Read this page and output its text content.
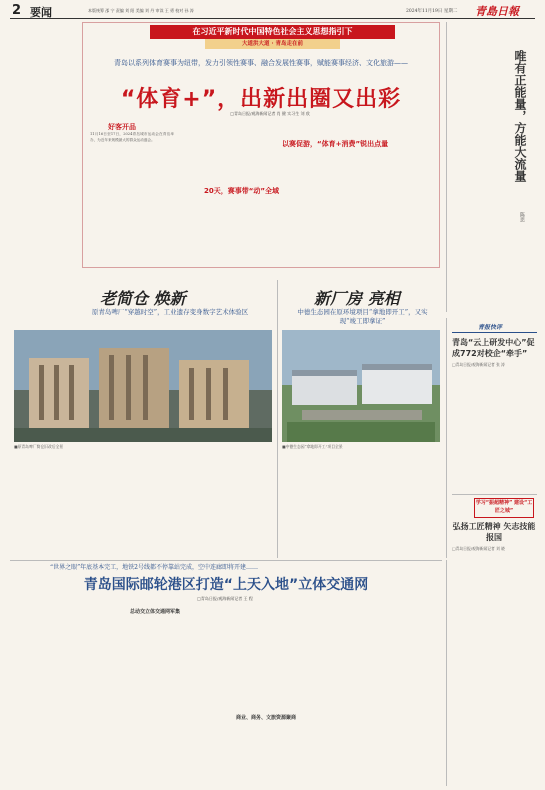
2 要闻	本版统筹 邵 宁 责编 刘 阳 美编 刘 丹 审读 王 勇 校对 孙 涛	2024年11月19日 星期二 青島日報
在习近平新时代中国特色社会主义思想指引下
大道洪大道 · 青岛走在前
青岛以系列体育赛事为纽带，发力引领性赛事、融合发展性赛事，赋能赛事经济、文化旅游——
“体育+”，出新出圈又出彩
□青岛日报/观海新闻记者 肖 健 实习生 刘 欣
好客开品
20天，赛事带“动”全域
以赛促游，“体育+消费”锐出点量
11月16日至17日，2024青岛城市运动会在青岛举办，为近年来规模最大的群众运动盛会。	唯有正能量，方能大流量
陈思
老简仓 焕新
原青岛啤厂“穿越时空”，工业遗存变身数字艺术体验区
■原青岛啤厂简仓旧改后全景
新厂房 亮相
中德生态园在原环境项目“拿地即开工”，又实现“竣工即拿证”
■中德生态园“拿地即开工”项目全景
青报快评
青岛“云上研发中心”促成772对校企“牵手”
□青岛日报/观海新闻记者 张 涛
学习“振超精神” 建设“工匠之城”
弘扬工匠精神 矢志技能报国
□青岛日报/观海新闻记者 刘 晓
“世界之眼”年底基本完工，地铁2号线都不停靠站完成，空中连廊即将开建……
青岛国际邮轮港区打造“上天入地”立体交通网
□青岛日报/观海新闻记者 王 程
总动交立体交通网军集
商业、商务、文旅资源聚商
